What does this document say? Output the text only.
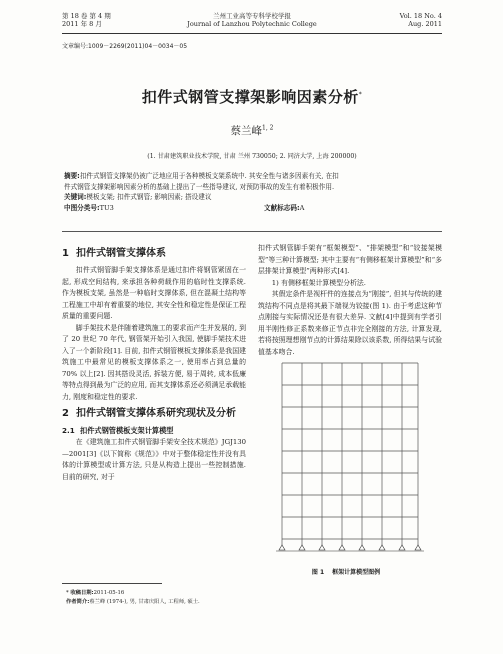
第 18 卷 第 4 期
2011 年 8 月
兰州工业高等专科学校学报
Journal of Lanzhou Polytechnic College
Vol. 18 No. 4
Aug. 2011
文章编号:1009－2269(2011)04－0034－05
扣件式钢管支撑架影响因素分析*
蔡兰峰$^{1, 2}$
(1. 甘肃建筑职业技术学院, 甘肃 兰州 730050; 2. 同济大学, 上海 200000)
摘要:扣件式钢管支撑架仍被广泛地应用于各种模板支架系统中. 其安全性与诸多因素有关, 在扣
件式钢管支撑架影响因素分析的基础上提出了一些指导建议, 对预防事故的发生有着积极作用.
关键词:模板支架; 扣件式钢管; 影响因素; 搭设建议
中图分类号:TU3	文献标志码:A
1 扣件式钢管支撑体系

扣件式钢管脚手架支撑体系是通过扣件将钢管紧固在一起, 形成空间结构, 来承担各种荷载作用的临时性支撑系统. 作为模板支架, 虽然是一种临时支撑体系, 但在混凝土结构等工程施工中却有着重要的地位, 其安全性和稳定性是保证工程质量的重要问题.

脚手架技术是伴随着建筑施工的要求而产生并发展的, 到了 20 世纪 70 年代, 钢管架开始引入我国, 使脚手架技术进入了一个新阶段[1]. 目前, 扣件式钢管模板支撑体系是我国建筑施工中最常见的模板支撑体系之一, 使用率占到总量的 70% 以上[2]. 因其搭设灵活, 拆装方便, 易于周转, 成本低廉等特点得到最为广泛的应用, 而其支撑体系还必须满足承载能力, 刚度和稳定性的要求.

2 扣件式钢管支撑体系研究现状及分析
2.1 扣件式钢管模板支架计算模型

在《建筑施工扣件式钢管脚手架安全技术规范》JGJ130—2001[3]《以下简称《规范》》中对于整体稳定性并没有具体的计算模型或计算方法, 只是从构造上提出一些控制措施. 目前的研究, 对于

扣件式钢管脚手架有“框架模型”、“排架模型”和“铰接架模型”等三种计算模型; 其中主要有“有侧移框架计算模型”和“多层排架计算模型”两种形式[4].

1) 有侧移框架计算模型分析法.

其假定条件是视杆件的连接点为“刚接”, 但其与传统的建筑结构不同点是将其最下端视为铰接(图 1). 由于考虑这种节点刚接与实际情况还是有很大差异. 文献[4]中提到有学者引用半刚性修正系数来修正节点非完全刚接的方法, 计算发现, 若将按照理想刚节点的计算结果除以该系数, 所得结果与试验值基本吻合.

图 1 框架计算模型图例
* 收稿日期:2011-05-16
作者简介:蔡兰峰 (1974-), 男, 甘肃庆阳人, 工程师, 硕士.
